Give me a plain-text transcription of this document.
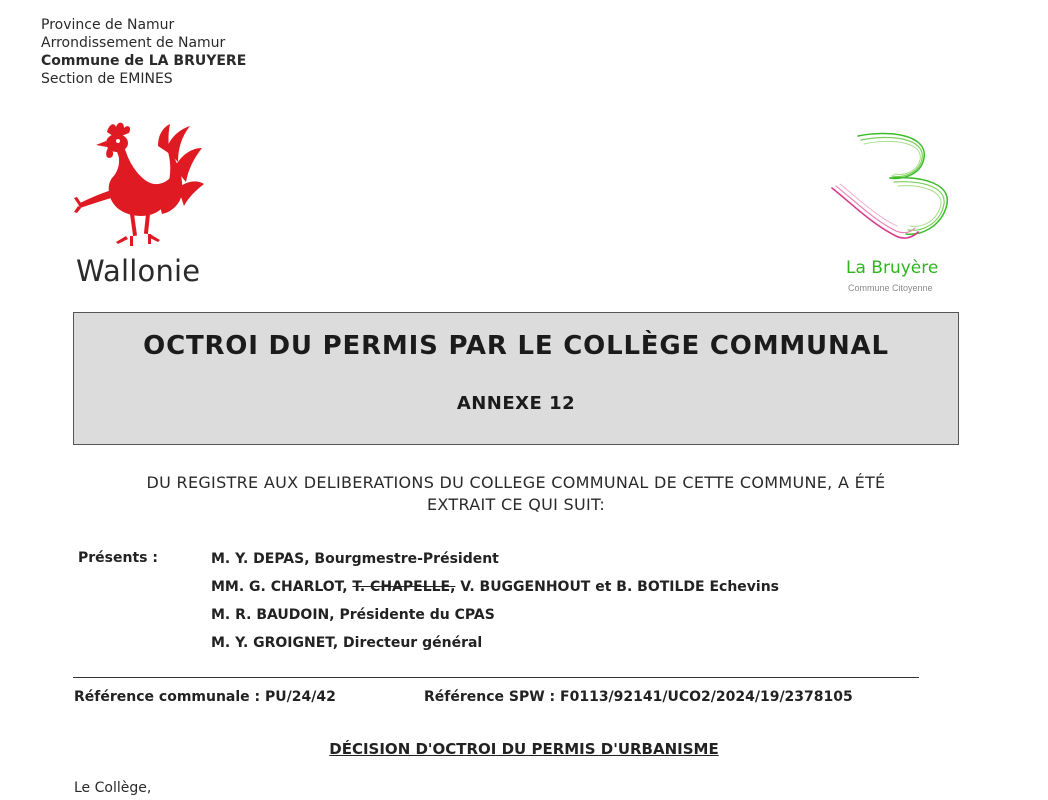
Province de Namur
Arrondissement de Namur
Commune de LA BRUYERE
Section de EMINES
Wallonie	La Bruyère
Commune Citoyenne
OCTROI DU PERMIS PAR LE COLLÈGE COMMUNAL
ANNEXE 12
DU REGISTRE AUX DELIBERATIONS DU COLLEGE COMMUNAL DE CETTE COMMUNE, A ÉTÉ
EXTRAIT CE QUI SUIT:
Présents :	M. Y. DEPAS, Bourgmestre-Président
MM. G. CHARLOT, T. CHAPELLE, V. BUGGENHOUT et B. BOTILDE Echevins
M. R. BAUDOIN, Présidente du CPAS
M. Y. GROIGNET, Directeur général
Référence communale : PU/24/42	Référence SPW : F0113/92141/UCO2/2024/19/2378105
DÉCISION D'OCTROI DU PERMIS D'URBANISME
Le Collège,
